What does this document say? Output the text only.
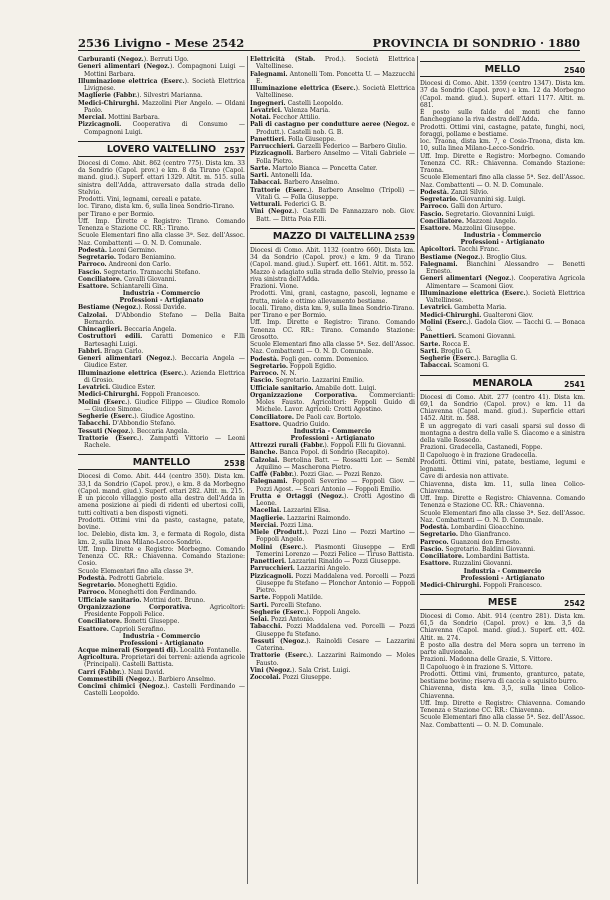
2536 Livigno - Mese 2542	PROVINCIA DI SONDRIO · 1880

Carburanti (Negoz.). Berruti Ugo.

Generi alimentari (Negoz.). Compagnoni Luigi — Mottini Barbara.

Illuminazione elettrica (Eserc.). Società Elettrica Livignese.

Maglierie (Fabbr.). Silvestri Marianna.

Medici-Chirurghi. Mazzolini Pier Angelo. — Oldani Paolo.

Mercial. Mottini Barbara.

Pizzicagnoli. Cooperativa di Consumo — Compagnoni Luigi.

LOVERO VALTELLINO 2537

Diocesi di Como. Abit. 862 (centro 775). Dista km. 33 da Sondrio (Capol. prov.) e km. 8 da Tirano (Capol. mand. giud.). Superf. ettari 1329. Altit. m. 515. sulla sinistra dell'Adda, attraversato dalla strada dello Stelvio.

Prodotti. Vini, legnami, cereali e patate.

loc. Tirano, dista km. 6, sulla linea Sondrio-Tirano.

per Tirano e per Bormio.

Uff. Imp. Dirette e Registro: Tirano. Comando Tenenza e Stazione CC. RR.: Tirano.

Scuole Elementari fino alla classe 3ª. Sez. dell'Assoc. Naz. Combattenti — O. N. D. Comunale.

Podestà. Leoni Germino.

Segretario. Todaro Beniamino.

Parroco. Andreoni don Carlo.

Fascio. Segretario. Tramacchi Stefano.

Conciliatore. Cavalli Giovanni.

Esattore. Schiantarelli Gina.

Industria - Commercio

Professioni - Artigianato

Bestiame (Negoz.). Rossi Davide.

Calzolai. D'Abbondio Stefano — Della Baita Bernardo.

Chincaglieri. Beccaria Angela.

Costruttori edili. Caratti Domenico e F.lli Bartesaghi Luigi.

Fabbri. Braga Carlo.

Generi alimentari (Negoz.). Beccaria Angela — Giudice Ester.

Illuminazione elettrica (Eserc.). Azienda Elettrica di Grosio.

Levatrici. Giudice Ester.

Medici-Chirurghi. Foppoli Francesco.

Molini (Eserc.). Giudice Filippo — Giudice Romolo — Giudice Simone.

Segherie (Eserc.). Giudice Agostino.

Tabacchi. D'Abbondio Stefano.

Tessuti (Negoz.). Beccaria Angela.

Trattorie (Eserc.). Zampatti Vittorio — Leoni Rachele.

MANTELLO	2538

Diocesi di Como. Abit. 444 (centro 350). Dista km. 33,1 da Sondrio (Capol. prov.), e km. 8 da Morbegno (Capol. mand. giud.). Superf. ettari 282. Altit. m. 215.

È un piccolo villaggio posto alla destra dell'Adda in amena posizione ai piedi di ridenti ed ubertosi colli, tutti coltivati a ben disposti vigneti.

Prodotti. Ottimi vini da pasto, castagne, patate, bovine.

loc. Delebio, dista km. 3, e fermata di Rogolo, dista km. 2, sulla linea Milano-Lecco-Sondrio.

Uff. Imp. Dirette e Registro: Morbegno. Comando Tenenza CC. RR.: Chiavenna. Comando Stazione: Cosio.

Scuole Elementari fino alla classe 3ª.

Podestà. Pedrotti Gabriele.

Segretario. Moneghetti Egidio.

Parroco. Moneghetti don Ferdinando.

Ufficiale sanitario. Mottini dott. Bruno.

Organizzazione Corporativa. Agricoltori: Presidente Foppoli Felice.

Conciliatore. Bonetti Giuseppe.

Esattore. Caprioli Serafino.

Industria - Commercio

Professioni - Artigianato

Acque minerali (Sorgenti di). Località Fontanelle.

Agricoltura. Proprietari dei terreni: azienda agricole (Principali). Castelli Battista.

Carri (Fabbr.). Nani David.

Commestibili (Negoz.). Barbiero Anselmo.

Concimi chimici (Negoz.). Castelli Ferdinando — Castelli Leopoldo.

Elettricità (Stab. Prod.). Società Elettrica Valtellinese.

Falegnami. Antonelli Tom. Poncetta U. — Mazzucchi E.

Illuminazione elettrica (Eserc.). Società Elettrica Valtellinese.

Ingegneri. Castelli Leopoldo.

Levatrici. Valenza Maria.

Notai. Fecchor Attilio.

Pali di castagno per condutture aeree (Negoz. e Produtt.). Castelli nob. G. B.

Panettieri. Folla Giuseppe.

Parrucchieri. Garzelli Federico — Barbero Giulio.

Pizzicagnoli. Barbero Anselmo — Vitali Gabriele — Folla Pietro.

Sarte. Martolo Bianca — Poncetta Cater.

Sarti. Antonelli Ida.

Tabaccai. Barbero Anselmo.

Trattorie (Eserc.). Barbero Anselmo (Tripoli) — Vitali G. — Folla Giuseppe.

Vetturali. Federici G. B.

Vini (Negoz.). Castelli De Fannazzaro nob. Giov. Batt. — Ditta Poia F.lli.

MAZZO DI VALTELLINA 2539

Diocesi di Como. Abit. 1132 (centro 660). Dista km. 34 da Sondrio (Capol. prov.) e km. 9 da Tirano (Capol. mand. giud.). Superf. ett. 1661. Altit. m. 552.

Mazzo è adagiato sulla strada dello Stelvio, presso la riva sinistra dell'Adda.

Frazioni. Vione.

Prodotti. Vini, grani, castagno, pascoli, legname e frutta, miele e ottimo allevamento bestiame.

locali. Tirano, dista km. 9, sulla linea Sondrio-Tirano.

per Tirano e per Bormio.

Uff. Imp. Dirette e Registro: Tirano. Comando Tenenza CC. RR.: Tirano. Comando Stazione: Grosotto.

Scuole Elementari fino alla classe 5ª. Sez. dell'Assoc. Naz. Combattenti — O. N. D. Comunale.

Podestà. Fogli gen. comm. Domenico.

Segretario. Foppoli Egidio.

Parroco. N. N.

Fascio. Segretario. Lazzarini Emilio.

Ufficiale sanitario. Amabile dott. Luigi.

Organizzazione Corporativa. Commercianti: Moles Fausto. Agricoltori: Foppoli Guido di Michele. Lavor. Agricoli: Crotti Agostino.

Conciliatore. De Paoli cav. Bortolo.

Esattore. Quadrio Guido.

Industria - Commercio

Professioni - Artigianato

Attrezzi rurali (Fabbr.). Foppoli F.lli fu Giovanni.

Banche. Banca Popol. di Sondrio (Recapito).

Calzolai. Bertolina Batt. — Rossatti Lor. — Sembl Aquilino — Mascherona Pietro.

Caffè (Fabbr.). Pozzi Giac. — Pozzi Renzo.

Falegnami. Foppoli Severino — Foppoli Giov. — Pozzi Agost. — Scari Antonio — Foppoli Emilio.

Frutta e Ortaggi (Negoz.). Crotti Agostino di Leone.

Macellai. Lazzarini Elisa.

Maglierie. Lazzarini Raimondo.

Merciai. Pozzi Lina.

Miele (Produtt.). Pozzi Lino — Pozzi Martino — Foppoli Angelo.

Molini (Eserc.). Piasmonti Giuseppe — Erdl Temerini Lorenzo — Pozzi Felice — Tiruso Battista.

Panettieri. Lazzarini Rinaldo — Pozzi Giuseppe.

Parrucchieri. Lazzarini Angelo.

Pizzicagnoli. Pozzi Maddalena ved. Porcelli — Pozzi Giuseppe fu Stefano — Plonchor Antonio — Foppoli Pietro.

Sarte. Foppoli Matilde.

Sarti. Porcelli Stefano.

Segherie (Eserc.). Foppoli Angelo.

Selai. Pozzi Antonio.

Tabacchi. Pozzi Maddalena ved. Porcelli — Pozzi Giuseppe fu Stefano.

Tessuti (Negoz.). Rainoldi Cesare — Lazzarini Caterina.

Trattorie (Eserc.). Lazzarini Raimondo — Moles Fausto.

Vini (Negoz.). Sala Crist. Luigi.

Zoccolai. Pozzi Giuseppe.

MELLO	2540

Diocesi di Como. Abit. 1359 (centro 1347). Dista km. 37 da Sondrio (Capol. prov.) e km. 12 da Morbegno (Capol. mand. giud.). Superf. ettari 1177. Altit. m. 681.

È posto sulle falde del monti che fanno fiancheggiano la riva destra dell'Adda.

Prodotti. Ottimi vini, castagne, patate, funghi, noci, foraggi, pollame e bestiame.

loc. Traona, dista km. 7, e Cosio-Traona, dista km. 10, sulla linea Milano-Lecco-Sondrio.

Uff. Imp. Dirette e Registro: Morbegno. Comando Tenenza CC. RR.: Chiavenna. Comando Stazione: Traona.

Scuole Elementari fino alla classe 5ª. Sez. dell'Assoc. Naz. Combattenti — O. N. D. Comunale.

Podestà. Zanzi Silvio.

Segretario. Giovannini sig. Luigi.

Parroco. Galli don Arturo.

Fascio. Segretario. Giovannini Luigi.

Conciliatore. Mazzoni Angelo.

Esattore. Mazzolini Giuseppe.

Industria - Commercio

Professioni - Artigianato

Apicoltori. Tacchi Franc.

Bestiame (Negoz.). Broglio Gius.

Falegnami. Bianchini Alessandro — Benetti Ernesto.

Generi alimentari (Negoz.). Cooperativa Agricola Alimentare — Scamoni Giov.

Illuminazione elettrica (Eserc.). Società Elettrica Valtellinese.

Levatrici. Gambetta Maria.

Medici-Chirurghi. Gualteroni Giov.

Molini (Eserc.). Gadola Giov. — Tacchi G. — Bonaca G.

Panettieri. Scamoni Giovanni.

Sarte. Rocca E.

Sarti. Broglio G.

Segherie (Eserc.). Baraglia G.

Tabaccai. Scamoni G.

MENAROLA	2541

Diocesi di Como. Abit. 277 (centro 41). Dista km. 69,1 da Sondrio (Capol. prov.) e km. 11 da Chiavenna (Capol. mand. giud.). Superficie ettari 1452. Altit. m. 588.

È un aggregato di vari casali sparsi sul dosso di montagna a destra della valle S. Giacomo e a sinistra della valle Rossedo.

Frazioni. Gradecella, Castanedi, Foppe.

Il Capoluogo è in frazione Gradecella.

Prodotti. Ottimi vini, patate, bestiame, legumi e legnami.

Cave di ardesia non attivate.

Chiavenna, dista km. 11, sulla linea Colico-Chiavenna.

Uff. Imp. Dirette e Registro: Chiavenna. Comando Tenenza e Stazione CC. RR.: Chiavenna.

Scuole Elementari fino alla classe 3ª. Sez. dell'Assoc. Naz. Combattenti — O. N. D. Comunale.

Podestà. Lombardini Gioacchino.

Segretario. Dho Gianfranco.

Parroco. Guanzoni don Ernesto.

Fascio. Segretario. Baldini Giovanni.

Conciliatore. Lombardini Battista.

Esattore. Ruzzalini Giovanni.

Industria - Commercio

Professioni - Artigianato

Medici-Chirurghi. Foppoli Francesco.

MESE	2542

Diocesi di Como. Abit. 914 (centro 281). Dista km. 61,5 da Sondrio (Capol. prov.) e km. 3,5 da Chiavenna (Capol. mand. giud.). Superf. ett. 402. Altit. m. 274.

È posto alla destra del Mera sopra un terreno in parte alluvionale.

Frazioni. Madonna delle Grazie, S. Vittore.

Il Capoluogo è in frazione S. Vittore.

Prodotti. Ottimi vini, frumento, granturco, patate, bestiame bovino; riserva di caccia e squisito burro.

Chiavenna, dista km. 3,5, sulla linea Colico-Chiavenna.

Uff. Imp. Dirette e Registro: Chiavenna. Comando Tenenza e Stazione CC. RR.: Chiavenna.

Scuole Elementari fino alla classe 5ª. Sez. dell'Assoc. Naz. Combattenti — O. N. D. Comunale.
